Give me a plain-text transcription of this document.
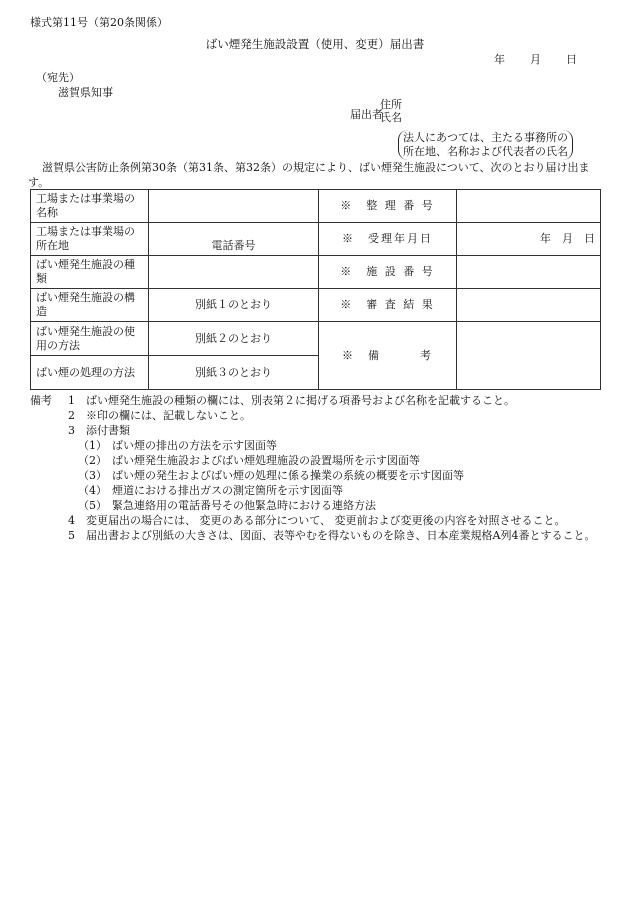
様式第11号（第20条関係）
ばい煙発生施設設置（使用、変更）届出書
年 月 日
（宛先）
滋賀県知事
届出者
住所
氏名
法人にあつては、主たる事務所の
所在地、名称および代表者の氏名
滋賀県公害防止条例第30条（第31条、第32条）の規定により、ばい煙発生施設について、次のとおり届け出ます。
工場または事業場の名称		※　整 理 番 号	
工場または事業場の所在地	電話番号	※　受理年月日	年　月　日
ばい煙発生施設の種類		※　施 設 番 号	
ばい煙発生施設の構造	別紙１のとおり	※　審 査 結 果	
ばい煙発生施設の使用の方法	別紙２のとおり	※　備　　　考	
ばい煙の処理の方法	別紙３のとおり		
備考	1　ばい煙発生施設の種類の欄には、別表第２に掲げる項番号および名称を記載すること。
2　※印の欄には、記載しないこと。
3　添付書類
（1） ばい煙の排出の方法を示す図面等
（2） ばい煙発生施設およびばい煙処理施設の設置場所を示す図面等
（3） ばい煙の発生およびばい煙の処理に係る操業の系統の概要を示す図面等
（4） 煙道における排出ガスの測定箇所を示す図面等
（5） 緊急連絡用の電話番号その他緊急時における連絡方法
4　変更届出の場合には、 変更のある部分について、 変更前および変更後の内容を対照させること。
5　届出書および別紙の大きさは、図面、表等やむを得ないものを除き、日本産業規格A列4番とすること。
